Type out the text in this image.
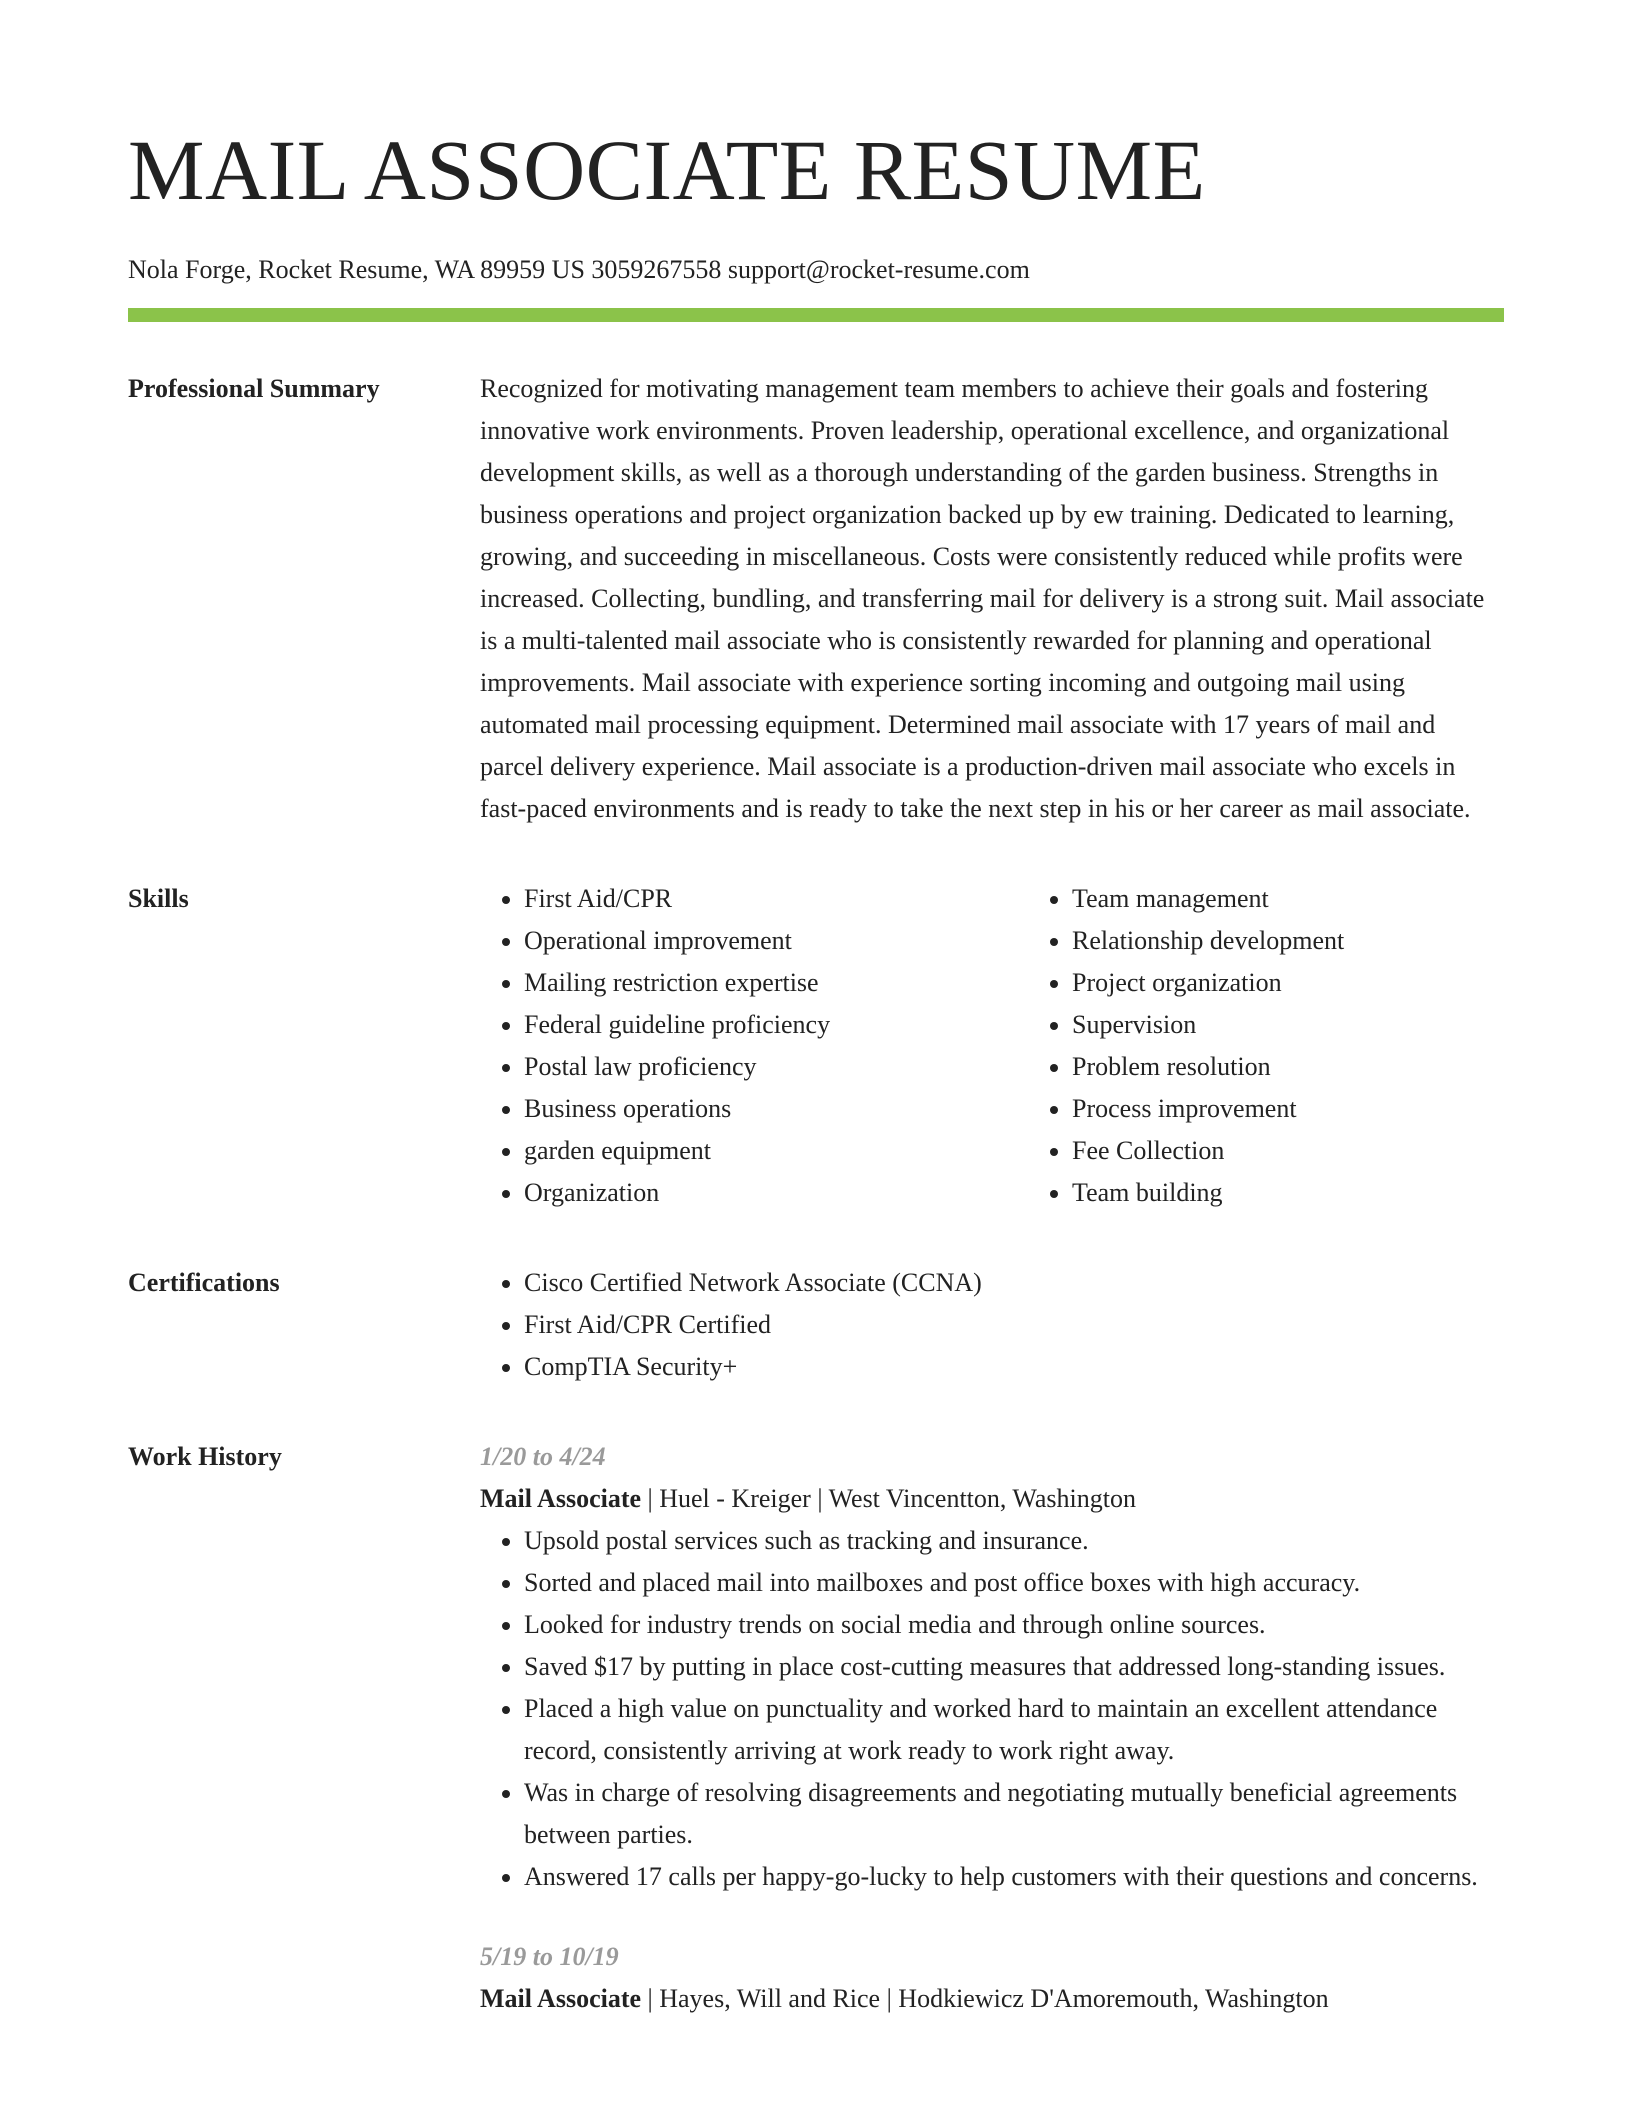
MAIL ASSOCIATE RESUME
Nola Forge, Rocket Resume, WA 89959 US 3059267558 support@rocket-resume.com
Professional Summary	Recognized for motivating management team members to achieve their goals and fostering innovative work environments. Proven leadership, operational excellence, and organizational development skills, as well as a thorough understanding of the garden business. Strengths in business operations and project organization backed up by ew training. Dedicated to learning, growing, and succeeding in miscellaneous. Costs were consistently reduced while profits were increased. Collecting, bundling, and transferring mail for delivery is a strong suit. Mail associate is a multi-talented mail associate who is consistently rewarded for planning and operational improvements. Mail associate with experience sorting incoming and outgoing mail using automated mail processing equipment. Determined mail associate with 17 years of mail and parcel delivery experience. Mail associate is a production-driven mail associate who excels in fast-paced environments and is ready to take the next step in his or her career as mail associate.

Skills	• First Aid/CPR
• Operational improvement
• Mailing restriction expertise
• Federal guideline proficiency
• Postal law proficiency
• Business operations
• garden equipment
• Organization
• Team management
• Relationship development
• Project organization
• Supervision
• Problem resolution
• Process improvement
• Fee Collection
• Team building
Certifications	• Cisco Certified Network Associate (CCNA)
• First Aid/CPR Certified
• CompTIA Security+
Work History	1/20 to 4/24
Mail Associate | Huel - Kreiger | West Vincentton, Washington
• Upsold postal services such as tracking and insurance.
• Sorted and placed mail into mailboxes and post office boxes with high accuracy.
• Looked for industry trends on social media and through online sources.
• Saved $17 by putting in place cost-cutting measures that addressed long-standing issues.
• Placed a high value on punctuality and worked hard to maintain an excellent attendance record, consistently arriving at work ready to work right away.
• Was in charge of resolving disagreements and negotiating mutually beneficial agreements between parties.
• Answered 17 calls per happy-go-lucky to help customers with their questions and concerns.
5/19 to 10/19
Mail Associate | Hayes, Will and Rice | Hodkiewicz D'Amoremouth, Washington
